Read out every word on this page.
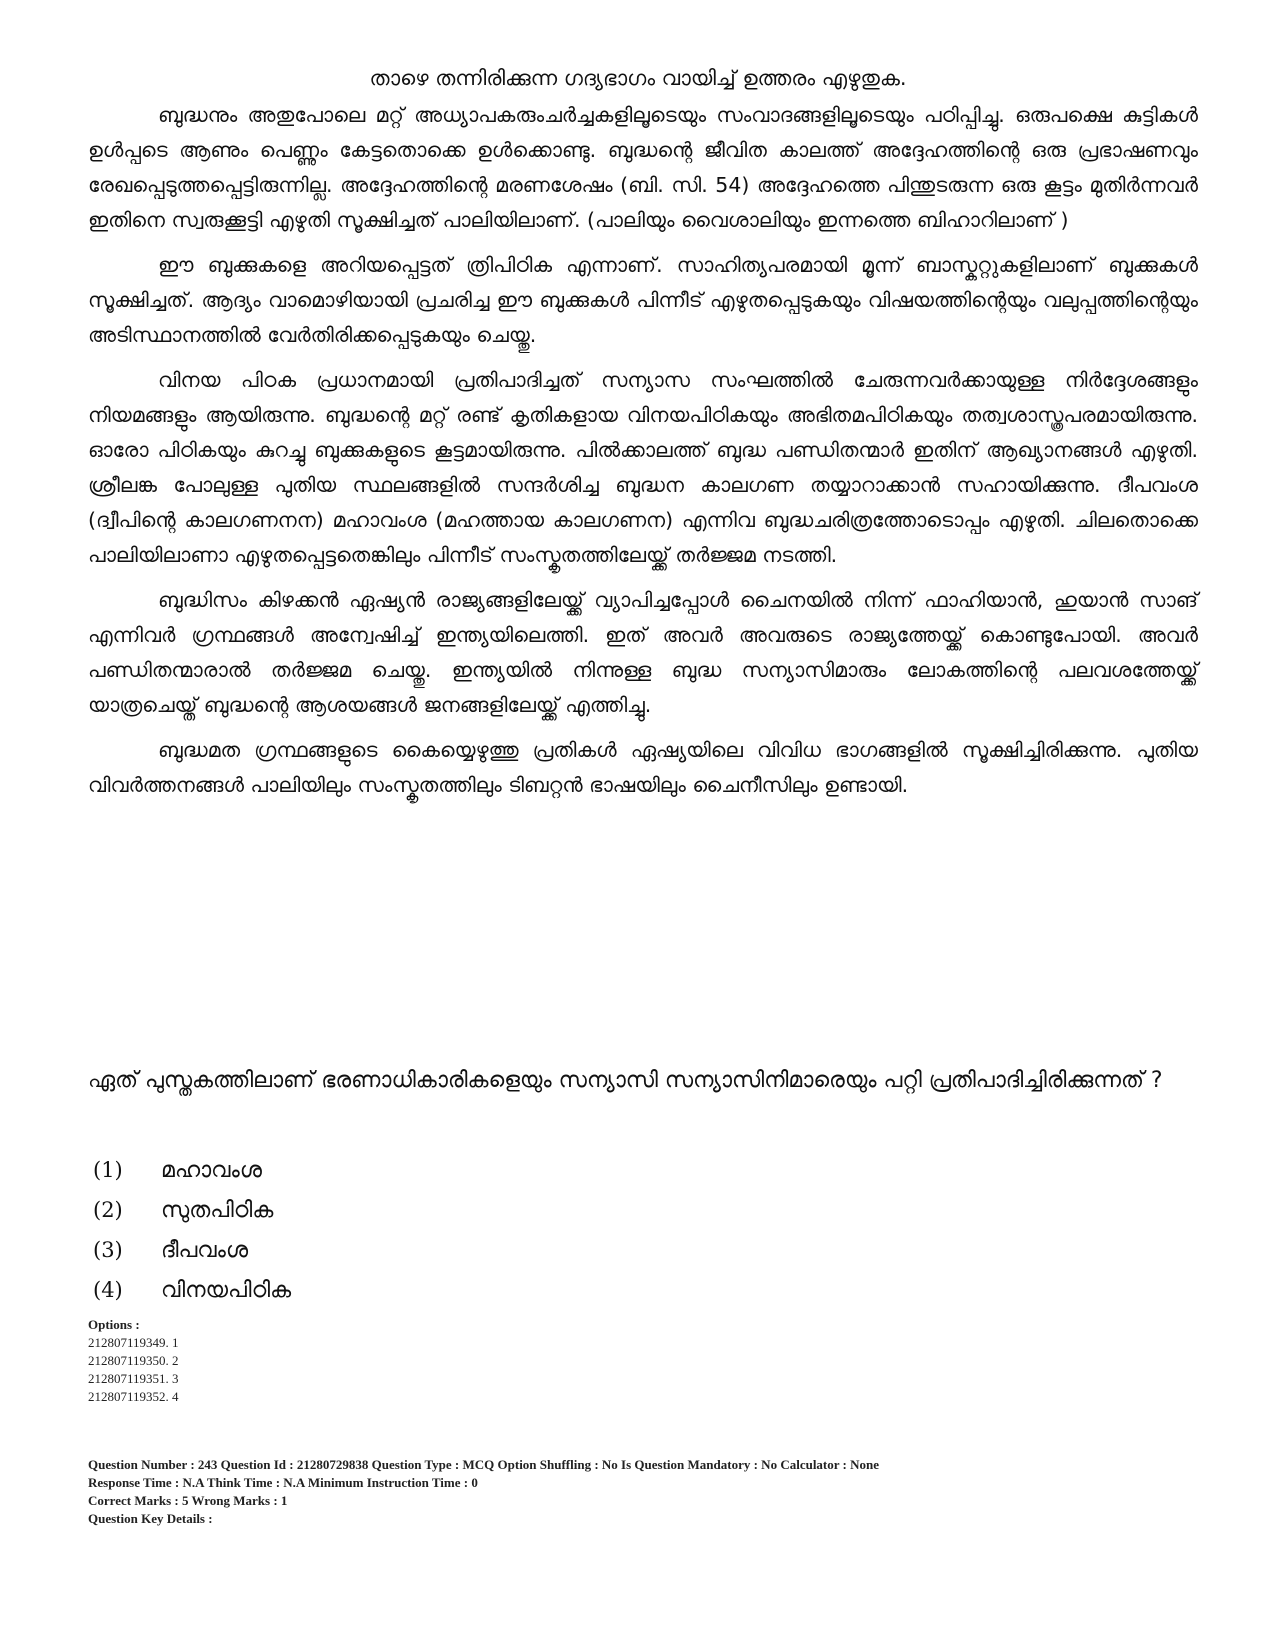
താഴെ തന്നിരിക്കുന്ന ഗദ്യഭാഗം വായിച്ച് ഉത്തരം എഴുതുക.

ബുദ്ധനും അതുപോലെ മറ്റ് അധ്യാപകരുംചർച്ചകളിലൂടെയും സംവാദങ്ങളിലൂടെയും പഠിപ്പിച്ചു. ഒരുപക്ഷെ കുട്ടികൾ ഉൾപ്പടെ ആണും പെണ്ണും കേട്ടതൊക്കെ ഉൾക്കൊണ്ടു. ബുദ്ധന്റെ ജീവിത കാലത്ത് അദ്ദേഹത്തിന്റെ ഒരു പ്രഭാഷണവും രേഖപ്പെടുത്തപ്പെട്ടിരുന്നില്ല. അദ്ദേഹത്തിന്റെ മരണശേഷം (ബി. സി. 54) അദ്ദേഹത്തെ പിന്തുടരുന്ന ഒരു കൂട്ടം മുതിർന്നവർ ഇതിനെ സ്വരുക്കൂട്ടി എഴുതി സൂക്ഷിച്ചത് പാലിയിലാണ്. (പാലിയും വൈശാലിയും ഇന്നത്തെ ബിഹാറിലാണ് )

ഈ ബുക്കുകളെ അറിയപ്പെട്ടത് ത്രിപിഠിക എന്നാണ്. സാഹിത്യപരമായി മൂന്ന് ബാസ്കറ്റുകളിലാണ് ബുക്കുകൾ സൂക്ഷിച്ചത്. ആദ്യം വാമൊഴിയായി പ്രചരിച്ച ഈ ബുക്കുകൾ പിന്നീട് എഴുതപ്പെടുകയും വിഷയത്തിന്റെയും വലുപ്പത്തിന്റെയും അടിസ്ഥാനത്തിൽ വേർതിരിക്കപ്പെടുകയും ചെയ്തു.

വിനയ പിഠക പ്രധാനമായി പ്രതിപാദിച്ചത് സന്യാസ സംഘത്തിൽ ചേരുന്നവർക്കായുള്ള നിർദ്ദേശങ്ങളും നിയമങ്ങളും ആയിരുന്നു. ബുദ്ധന്റെ മറ്റ് രണ്ട് കൃതികളായ വിനയപിഠികയും അഭിതമപിഠികയും തത്വശാസ്ത്രപരമായിരുന്നു. ഓരോ പിഠികയും കുറച്ചു ബുക്കുകളുടെ കൂട്ടമായിരുന്നു. പിൽക്കാലത്ത് ബുദ്ധ പണ്ഡിതന്മാർ ഇതിന് ആഖ്യാനങ്ങൾ എഴുതി. ശ്രീലങ്ക പോലുള്ള പുതിയ സ്ഥലങ്ങളിൽ സന്ദർശിച്ച ബുദ്ധന കാലഗണ തയ്യാറാക്കാൻ സഹായിക്കുന്നു. ദീപവംശ (ദ്വീപിന്റെ കാലഗണനന) മഹാവംശ (മഹത്തായ കാലഗണന) എന്നിവ ബുദ്ധചരിത്രത്തോടൊപ്പം എഴുതി. ചിലതൊക്കെ പാലിയിലാണാ എഴുതപ്പെട്ടതെങ്കിലും പിന്നീട് സംസ്കൃതത്തിലേയ്ക്ക് തർജ്ജമ നടത്തി.

ബുദ്ധിസം കിഴക്കൻ ഏഷ്യൻ രാജ്യങ്ങളിലേയ്ക്ക് വ്യാപിച്ചപ്പോൾ ചൈനയിൽ നിന്ന് ഫാഹിയാൻ, ഹുയാൻ സാങ് എന്നിവർ ഗ്രന്ഥങ്ങൾ അന്വേഷിച്ച് ഇന്ത്യയിലെത്തി. ഇത് അവർ അവരുടെ രാജ്യത്തേയ്ക്ക് കൊണ്ടുപോയി. അവർ പണ്ഡിതന്മാരാൽ തർജ്ജമ ചെയ്തു. ഇന്ത്യയിൽ നിന്നുള്ള ബുദ്ധ സന്യാസിമാരും ലോകത്തിന്റെ പലവശത്തേയ്ക്ക് യാത്രചെയ്ത് ബുദ്ധന്റെ ആശയങ്ങൾ ജനങ്ങളിലേയ്ക്ക് എത്തിച്ചു.

ബുദ്ധമത ഗ്രന്ഥങ്ങളുടെ കൈയ്യെഴുത്തു പ്രതികൾ ഏഷ്യയിലെ വിവിധ ഭാഗങ്ങളിൽ സൂക്ഷിച്ചിരിക്കുന്നു. പുതിയ വിവർത്തനങ്ങൾ പാലിയിലും സംസ്കൃതത്തിലും ടിബറ്റൻ ഭാഷയിലും ചൈനീസിലും ഉണ്ടായി.

ഏത് പുസ്തകത്തിലാണ് ഭരണാധികാരികളെയും സന്യാസി സന്യാസിനിമാരെയും പറ്റി പ്രതിപാദിച്ചിരിക്കുന്നത് ?
(1)	മഹാവംശ
(2)	സുതപിഠിക
(3)	ദീപവംശ
(4)	വിനയപിഠിക
Options :
212807119349. 1
212807119350. 2
212807119351. 3
212807119352. 4
Question Number : 243 Question Id : 21280729838 Question Type : MCQ Option Shuffling : No Is Question Mandatory : No Calculator : None
Response Time : N.A Think Time : N.A Minimum Instruction Time : 0
Correct Marks : 5 Wrong Marks : 1
Question Key Details :
